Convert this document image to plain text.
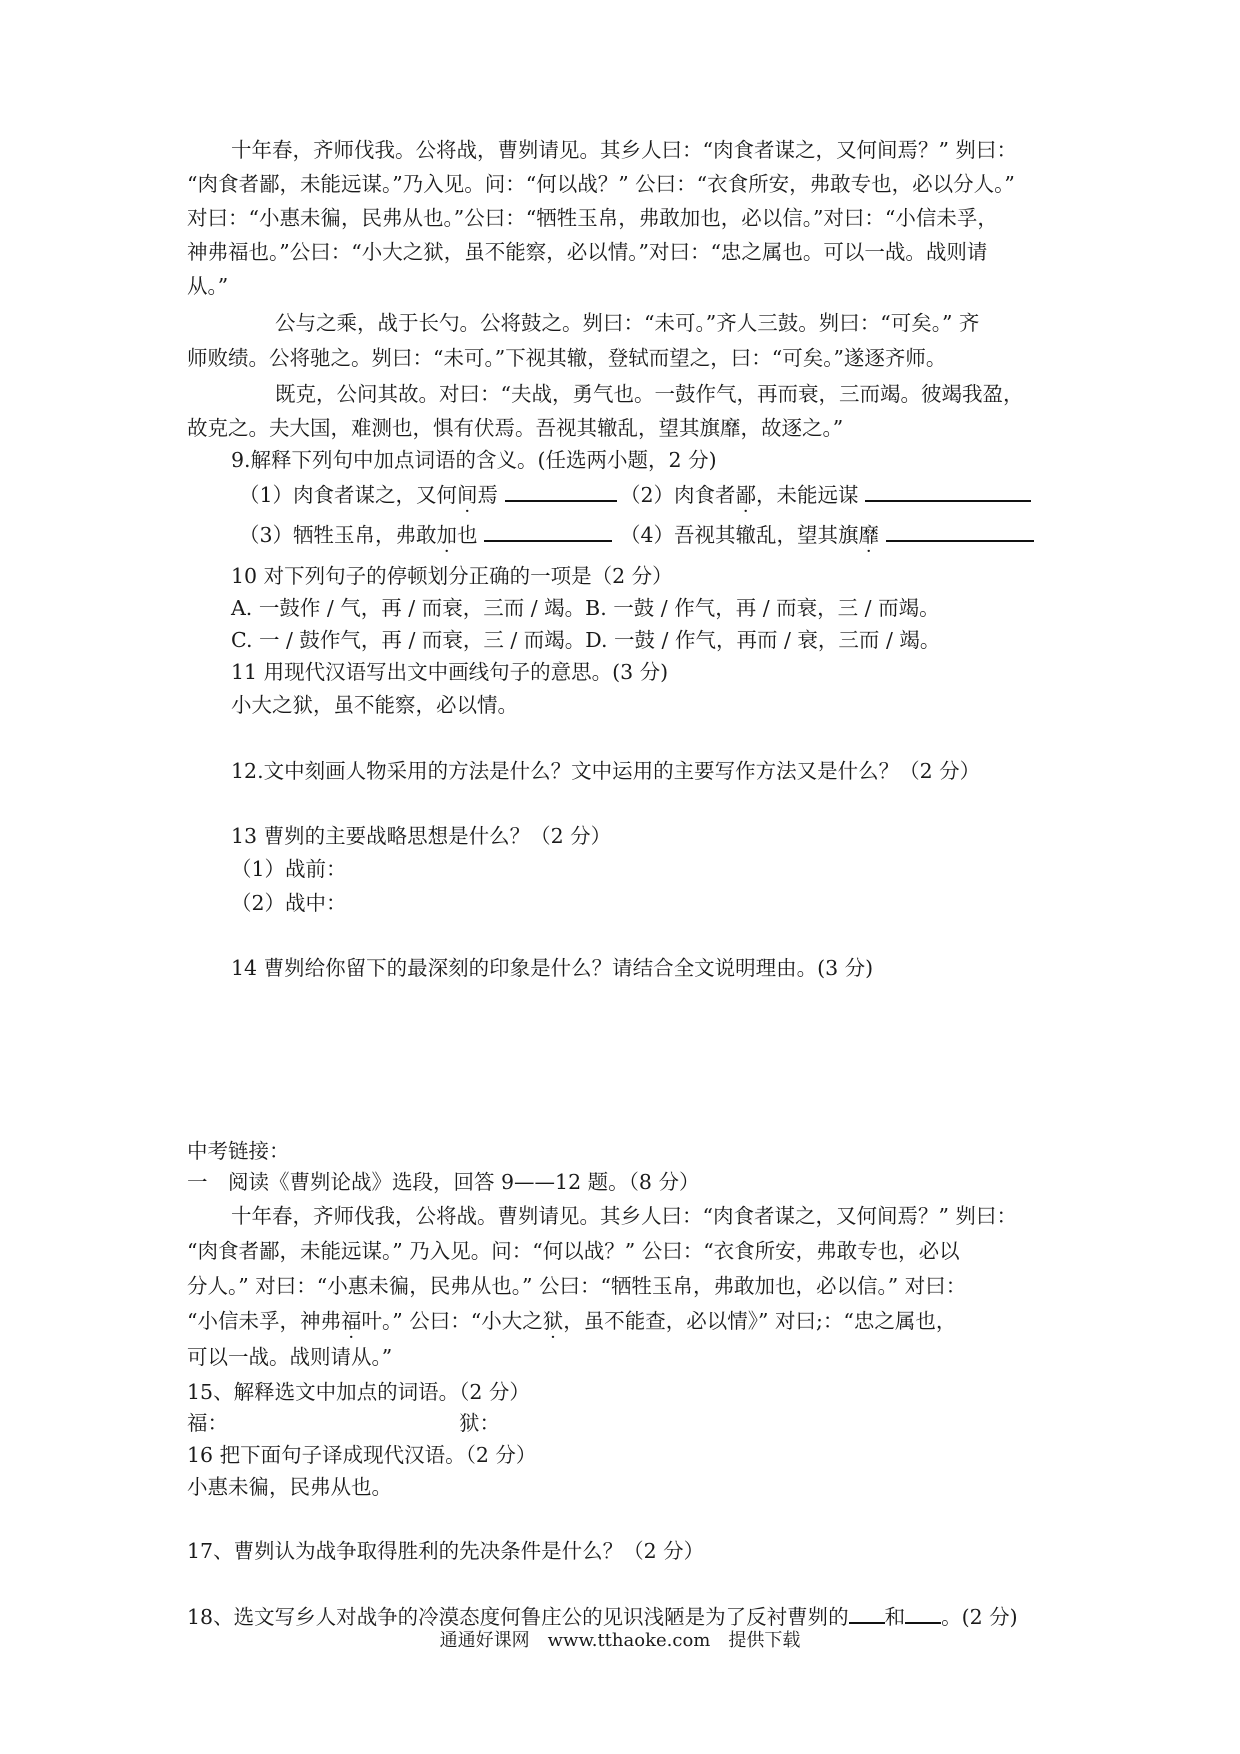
十年春，齐师伐我。公将战，曹刿请见。其乡人曰：“肉食者谋之，又何间焉？” 刿曰：
“肉食者鄙，未能远谋。”乃入见。问：“何以战？” 公曰：“衣食所安，弗敢专也，必以分人。”
对曰：“小惠未徧，民弗从也。”公曰：“牺牲玉帛，弗敢加也，必以信。”对曰：“小信未孚，
神弗福也。”公曰：“小大之狱，虽不能察，必以情。”对曰：“忠之属也。可以一战。战则请
从。”
公与之乘，战于长勺。公将鼓之。刿曰：“未可。”齐人三鼓。刿曰：“可矣。” 齐
师败绩。公将驰之。刿曰：“未可。”下视其辙，登轼而望之，曰：“可矣。”遂逐齐师。
既克，公问其故。对曰：“夫战，勇气也。一鼓作气，再而衰，三而竭。彼竭我盈，
故克之。夫大国，难测也，惧有伏焉。吾视其辙乱，望其旗靡，故逐之。”
9.解释下列句中加点词语的含义。(任选两小题，2 分)
（1）肉食者谋之，又何间焉	（2）肉食者鄙，未能远谋
（3）牺牲玉帛，弗敢加也	（4）吾视其辙乱，望其旗靡
10 对下列句子的停顿划分正确的一项是（2 分）
A. 一鼓作 / 气，再 / 而衰，三而 / 竭。B. 一鼓 / 作气，再 / 而衰，三 / 而竭。
C. 一 / 鼓作气，再 / 而衰，三 / 而竭。D. 一鼓 / 作气，再而 / 衰，三而 / 竭。
11 用现代汉语写出文中画线句子的意思。(3 分)
小大之狱，虽不能察，必以情。
12.文中刻画人物采用的方法是什么？文中运用的主要写作方法又是什么？（2 分）
13 曹刿的主要战略思想是什么？（2 分）
（1）战前：
（2）战中：
14 曹刿给你留下的最深刻的印象是什么？请结合全文说明理由。(3 分)
中考链接：
一　阅读《曹刿论战》选段，回答 9——12 题。（8 分）
十年春，齐师伐我，公将战。曹刿请见。其乡人曰：“肉食者谋之，又何间焉？” 刿曰：
“肉食者鄙，未能远谋。” 乃入见。问：“何以战？” 公曰：“衣食所安，弗敢专也，必以
分人。” 对曰：“小惠未徧，民弗从也。” 公曰：“牺牲玉帛，弗敢加也，必以信。” 对曰：
“小信未孚，神弗福叶。” 公曰：“小大之狱，虽不能查，必以情》” 对曰;：“忠之属也，
可以一战。战则请从。”
15、解释选文中加点的词语。（2 分）
福：	狱：
16 把下面句子译成现代汉语。（2 分）
小惠未徧，民弗从也。
17、曹刿认为战争取得胜利的先决条件是什么？（2 分）
18、选文写乡人对战争的冷漠态度何鲁庄公的见识浅陋是为了反衬曹刿的 和 。(2 分)
通通好课网　www.tthaoke.com　提供下载
